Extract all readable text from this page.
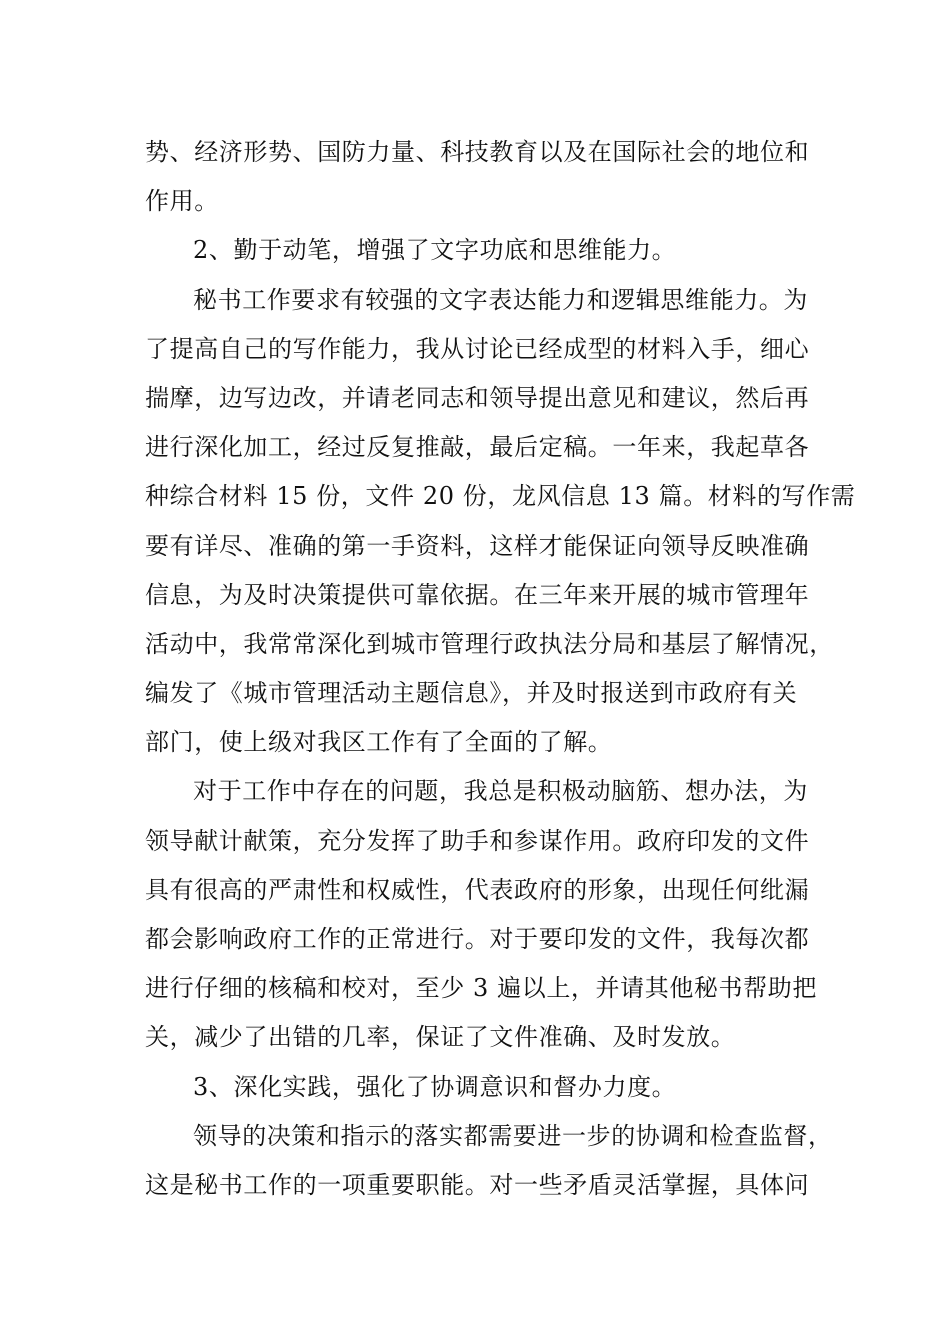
势、经济形势、国防力量、科技教育以及在国际社会的地位和
作用。
2、勤于动笔，增强了文字功底和思维能力。
秘书工作要求有较强的文字表达能力和逻辑思维能力。为
了提高自己的写作能力，我从讨论已经成型的材料入手，细心
揣摩，边写边改，并请老同志和领导提出意见和建议，然后再
进行深化加工，经过反复推敲，最后定稿。一年来，我起草各
种综合材料 15 份，文件 20 份，龙风信息 13 篇。材料的写作需
要有详尽、准确的第一手资料，这样才能保证向领导反映准确
信息，为及时决策提供可靠依据。在三年来开展的城市管理年
活动中，我常常深化到城市管理行政执法分局和基层了解情况，
编发了《城市管理活动主题信息》，并及时报送到市政府有关
部门，使上级对我区工作有了全面的了解。
对于工作中存在的问题，我总是积极动脑筋、想办法，为
领导献计献策，充分发挥了助手和参谋作用。政府印发的文件
具有很高的严肃性和权威性，代表政府的形象，出现任何纰漏
都会影响政府工作的正常进行。对于要印发的文件，我每次都
进行仔细的核稿和校对，至少 3 遍以上，并请其他秘书帮助把
关，减少了出错的几率，保证了文件准确、及时发放。
3、深化实践，强化了协调意识和督办力度。
领导的决策和指示的落实都需要进一步的协调和检查监督，
这是秘书工作的一项重要职能。对一些矛盾灵活掌握，具体问
